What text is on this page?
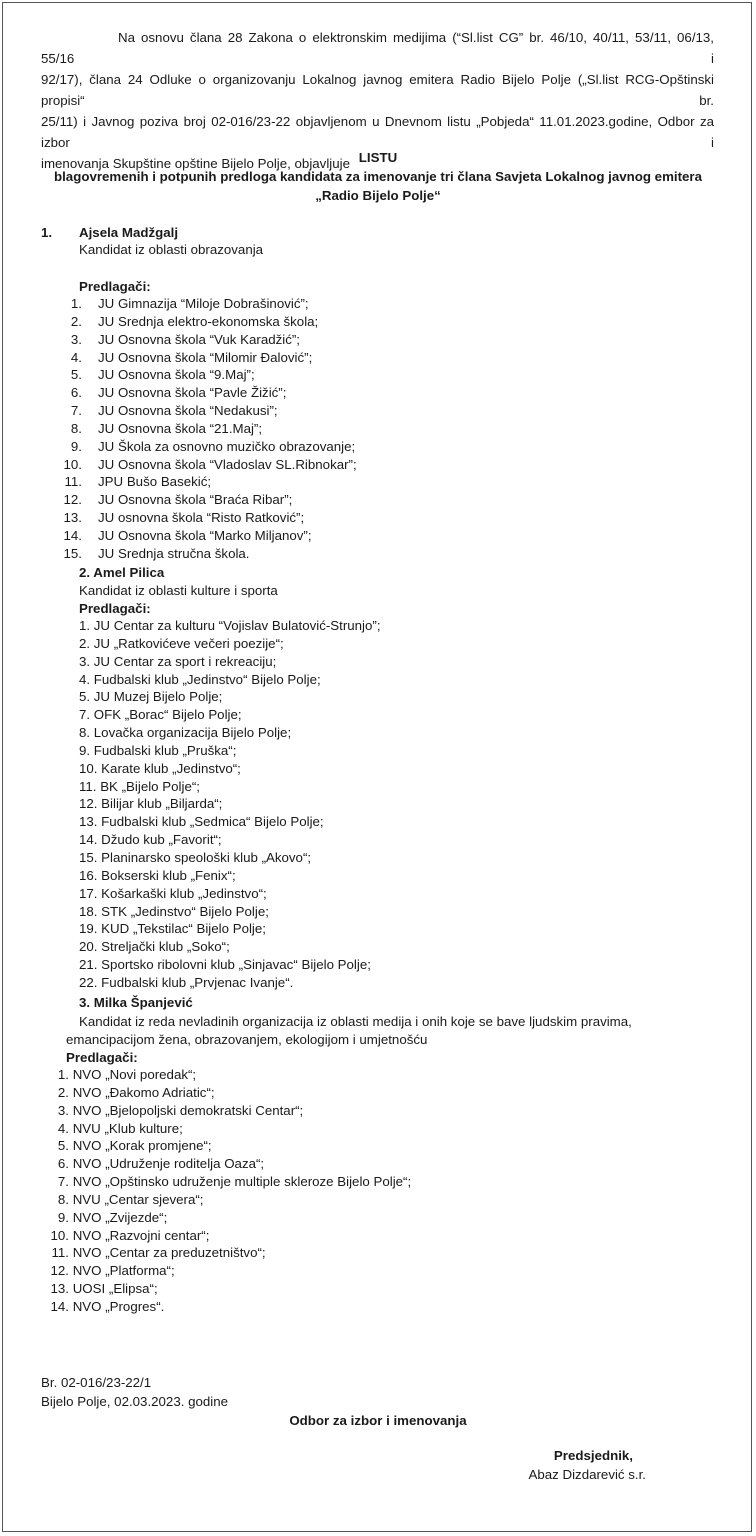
Na osnovu člana 28 Zakona o elektronskim medijima (“Sl.list CG” br. 46/10, 40/11, 53/11, 06/13, 55/16 i
92/17), člana 24 Odluke o organizovanju Lokalnog javnog emitera Radio Bijelo Polje („Sl.list RCG-Opštinski propisi“ br.
25/11) i Javnog poziva broj 02-016/23-22 objavljenom u Dnevnom listu „Pobjeda“ 11.01.2023.godine, Odbor za izbor i
imenovanja Skupštine opštine Bijelo Polje, objavljuje LISTU
blagovremenih i potpunih predloga kandidata za imenovanje tri člana Savjeta Lokalnog javnog emitera
„Radio Bijelo Polje“
1. Ajsela Madžgalj
Kandidat iz oblasti obrazovanja
Predlagači:
1. JU Gimnazija “Miloje Dobrašinović”;
2. JU Srednja elektro-ekonomska škola;
3. JU Osnovna škola “Vuk Karadžić”;
4. JU Osnovna škola “Milomir Đalović”;
5. JU Osnovna škola “9.Maj”;
6. JU Osnovna škola “Pavle Žižić”;
7. JU Osnovna škola “Nedakusi”;
8. JU Osnovna škola “21.Maj”;
9. JU Škola za osnovno muzičko obrazovanje;
10. JU Osnovna škola “Vladoslav SL.Ribnokar”;
11. JPU Bušo Basekić;
12. JU Osnovna škola “Braća Ribar”;
13. JU osnovna škola “Risto Ratković”;
14. JU Osnovna škola “Marko Miljanov”;
15. JU Srednja stručna škola.
2. Amel Pilica
Kandidat iz oblasti kulture i sporta
Predlagači:
1. JU Centar za kulturu “Vojislav Bulatović-Strunjo”;
2. JU „Ratkovićeve večeri poezije“;
3. JU Centar za sport i rekreaciju;
4. Fudbalski klub „Jedinstvo“ Bijelo Polje;
5. JU Muzej Bijelo Polje;
7. OFK „Borac“ Bijelo Polje;
8. Lovačka organizacija Bijelo Polje;
9. Fudbalski klub „Pruška“;
10. Karate klub „Jedinstvo“;
11. BK „Bijelo Polje“;
12. Bilijar klub „Biljarda“;
13. Fudbalski klub „Sedmica“ Bijelo Polje;
14. Džudo kub „Favorit“;
15. Planinarsko speološki klub „Akovo“;
16. Bokserski klub „Fenix“;
17. Košarkaški klub „Jedinstvo“;
18. STK „Jedinstvo“ Bijelo Polje;
19. KUD „Tekstilac“ Bijelo Polje;
20. Streljački klub „Soko“;
21. Sportsko ribolovni klub „Sinjavac“ Bijelo Polje;
22. Fudbalski klub „Prvjenac Ivanje“.
3. Milka Španjević
Kandidat iz reda nevladinih organizacija iz oblasti medija i onih koje se bave ljudskim pravima,
emancipacijom žena, obrazovanjem, ekologijom i umjetnošću
Predlagači:
1. NVO „Novi poredak“;
2. NVO „Đakomo Adriatic“;
3. NVO „Bjelopoljski demokratski Centar“;
4. NVU „Klub kulture;
5. NVO „Korak promjene“;
6. NVO „Udruženje roditelja Oaza“;
7. NVO „Opštinsko udruženje multiple skleroze Bijelo Polje“;
8. NVU „Centar sjevera“;
9. NVO „Zvijezde“;
10. NVO „Razvojni centar“;
11. NVO „Centar za preduzetništvo“;
12. NVO „Platforma“;
13. UOSI „Elipsa“;
14. NVO „Progres“.
Br. 02-016/23-22/1
Bijelo Polje, 02.03.2023. godine
Odbor za izbor i imenovanja
Predsjednik,
Abaz Dizdarević s.r.
